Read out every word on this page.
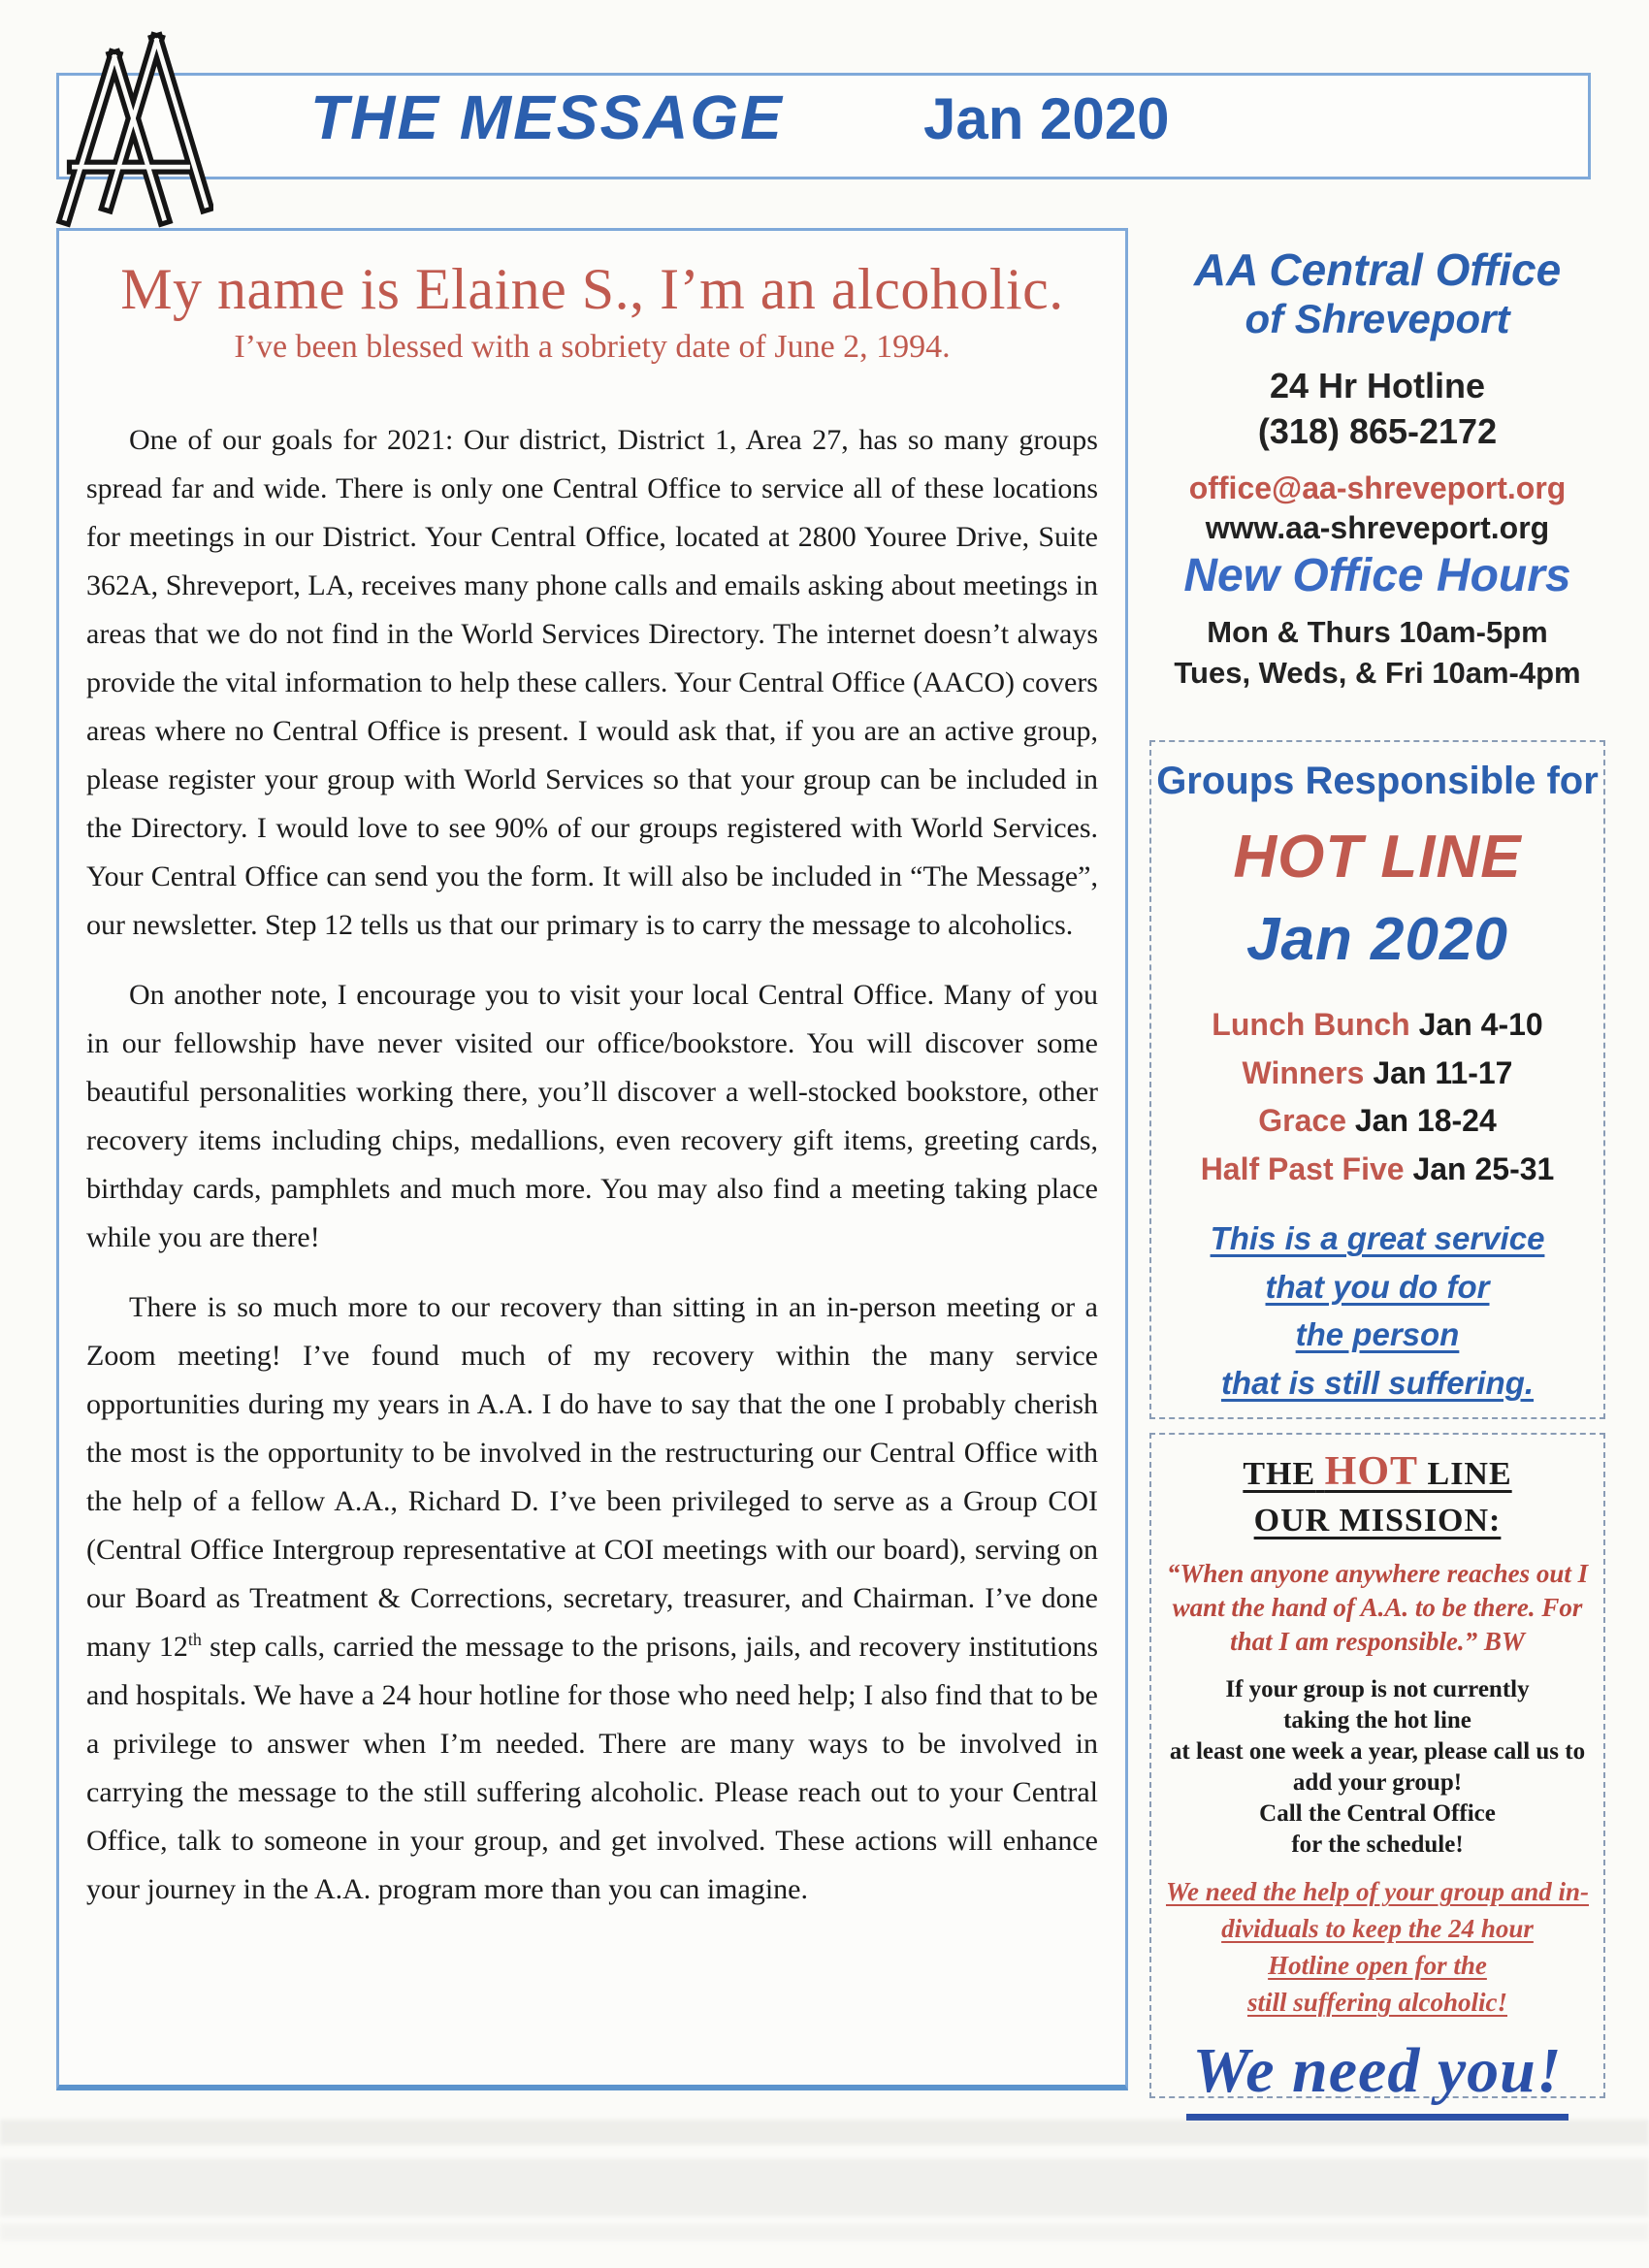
THE MESSAGE Jan 2020
My name is Elaine S., I’m an alcoholic.
I’ve been blessed with a sobriety date of June 2, 1994.

One of our goals for 2021: Our district, District 1, Area 27, has so many groups spread far and wide. There is only one Central Office to service all of these locations for meetings in our District. Your Central Office, located at 2800 Youree Drive, Suite 362A, Shreveport, LA, receives many phone calls and emails asking about meetings in areas that we do not find in the World Services Directory. The internet doesn’t always provide the vital information to help these callers. Your Central Office (AACO) covers areas where no Central Office is present. I would ask that, if you are an active group, please register your group with World Services so that your group can be included in the Directory. I would love to see 90% of our groups registered with World Services. Your Central Office can send you the form. It will also be included in “The Message”, our newsletter. Step 12 tells us that our primary is to carry the message to alcoholics.

On another note, I encourage you to visit your local Central Office. Many of you in our fellowship have never visited our office/bookstore. You will discover some beautiful personalities working there, you’ll discover a well-stocked bookstore, other recovery items including chips, medallions, even recovery gift items, greeting cards, birthday cards, pamphlets and much more. You may also find a meeting taking place while you are there!

There is so much more to our recovery than sitting in an in-person meeting or a Zoom meeting! I’ve found much of my recovery within the many service opportunities during my years in A.A. I do have to say that the one I probably cherish the most is the opportunity to be involved in the restructuring our Central Office with the help of a fellow A.A., Richard D. I’ve been privileged to serve as a Group COI (Central Office Intergroup representative at COI meetings with our board), serving on our Board as Treatment & Corrections, secretary, treasurer, and Chairman. I’ve done many 12th step calls, carried the message to the prisons, jails, and recovery institutions and hospitals. We have a 24 hour hotline for those who need help; I also find that to be a privilege to answer when I’m needed. There are many ways to be involved in carrying the message to the still suffering alcoholic. Please reach out to your Central Office, talk to someone in your group, and get involved. These actions will enhance your journey in the A.A. program more than you can imagine.

AA Central Office
of Shreveport
24 Hr Hotline
(318) 865-2172
office@aa-shreveport.org
www.aa-shreveport.org
New Office Hours
Mon & Thurs 10am-5pm
Tues, Weds, & Fri 10am-4pm
Groups Responsible for
HOT LINE
Jan 2020
Lunch Bunch Jan 4-10
Winners Jan 11-17
Grace Jan 18-24
Half Past Five Jan 25-31
This is a great service
that you do for
the person
that is still suffering.
THE HOT LINE
OUR MISSION:
“When anyone anywhere reaches out I
want the hand of A.A. to be there. For
that I am responsible.” BW
If your group is not currently
taking the hot line
at least one week a year, please call us to
add your group!
Call the Central Office
for the schedule!
We need the help of your group and in-
dividuals to keep the 24 hour
Hotline open for the
still suffering alcoholic!
We need you!
